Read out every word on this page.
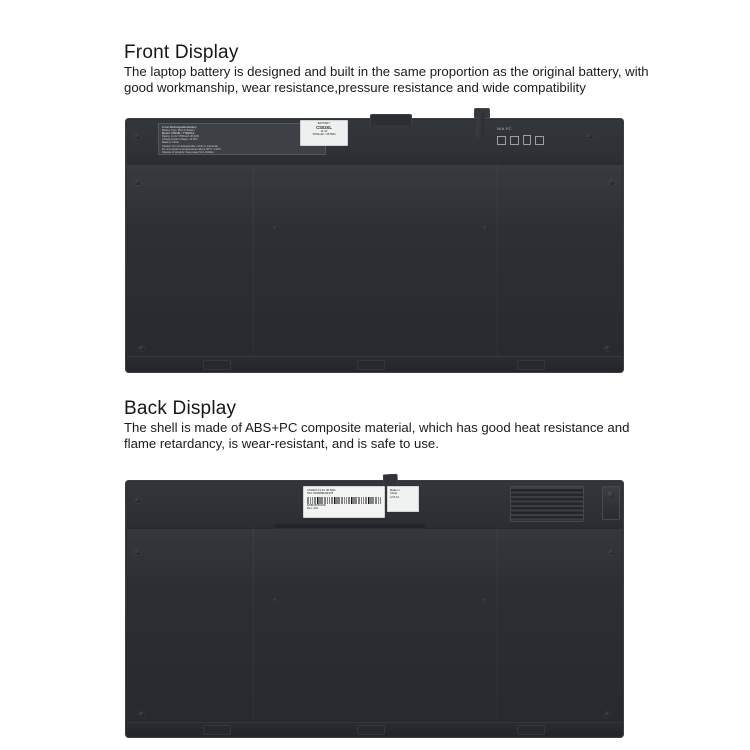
Front Display
The laptop battery is designed and built in the same proportion as the original battery, with good workmanship, wear resistance,pressure resistance and wide compatibility
Li-ion Rechargeable Battery
Battery Type: Built-in Battery
Model: CS03XL / T7B33AA
Rating: 11.4V 3700mAh 46.5Wh
Charge limited voltage: 13.05V
Made in China
Caution: Do not disassemble, crush or incinerate.
Do not expose to temperatures above 60°C / 140°F.
Dispose of properly. Keep away from children.
BATTERY
CS03XL
11.4V
3700mAh / 46.5Wh
N/A FC
Back Display
The shell is made of ABS+PC composite material, which has good heat resistance and flame retardancy, is wear-resistant, and is safe to use.
CS03XL 11.4V 46.5Wh
S/N: 2025080411578
ESBC8050188
Rev: A01
Made in
China
LOT A1
